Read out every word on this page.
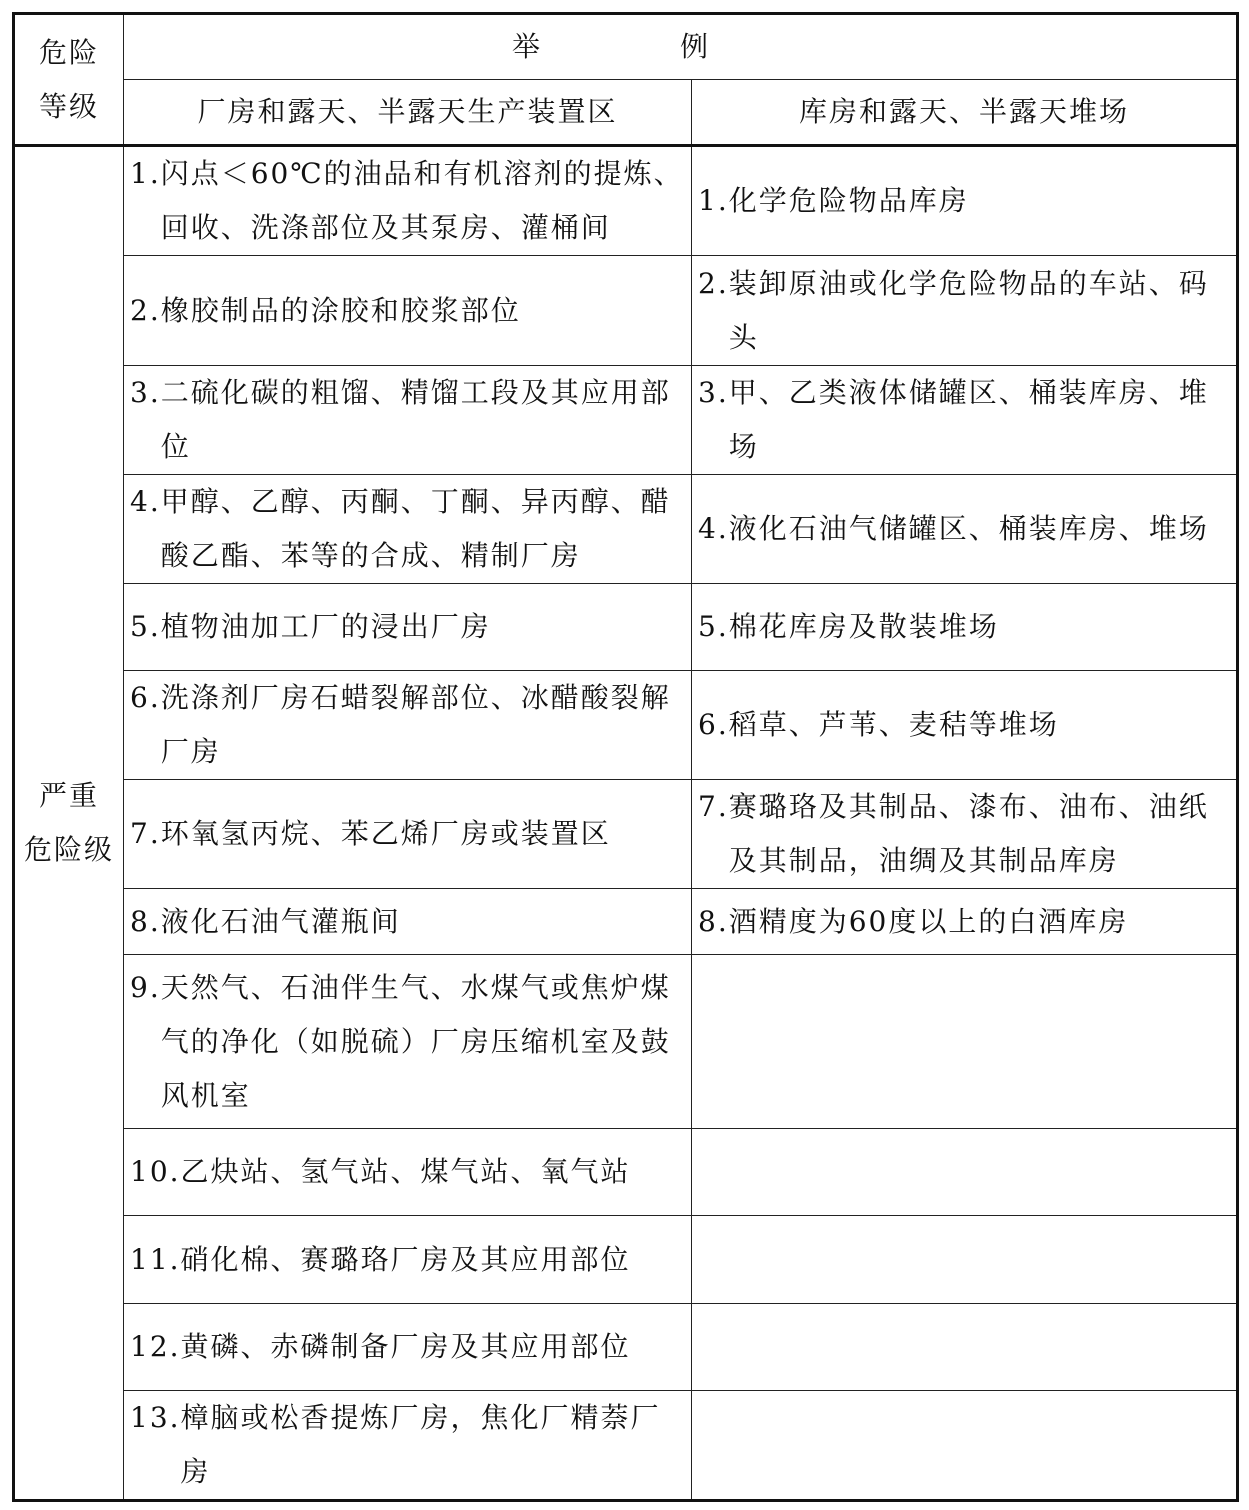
危险
等级	举例	
	厂房和露天、半露天生产装置区	库房和露天、半露天堆场

严重
危险级	1. 闪点＜60℃的油品和有机溶剂的提炼、回收、洗涤部位及其泵房、灌桶间	1. 化学危险物品库房

	2. 橡胶制品的涂胶和胶浆部位	2. 装卸原油或化学危险物品的车站、码头

	3. 二硫化碳的粗馏、精馏工段及其应用部位	3. 甲、乙类液体储罐区、桶装库房、堆场

	4. 甲醇、乙醇、丙酮、丁酮、异丙醇、醋酸乙酯、苯等的合成、精制厂房	4. 液化石油气储罐区、桶装库房、堆场

	5. 植物油加工厂的浸出厂房	5. 棉花库房及散装堆场

	6. 洗涤剂厂房石蜡裂解部位、冰醋酸裂解厂房	6. 稻草、芦苇、麦秸等堆场

	7. 环氧氢丙烷、苯乙烯厂房或装置区	7. 赛璐珞及其制品、漆布、油布、油纸及其制品，油绸及其制品库房

	8. 液化石油气灌瓶间	8. 酒精度为60度以上的白酒库房

	9. 天然气、石油伴生气、水煤气或焦炉煤气的净化（如脱硫）厂房压缩机室及鼓风机室	

	10. 乙炔站、氢气站、煤气站、氧气站	

	11. 硝化棉、赛璐珞厂房及其应用部位	

	12. 黄磷、赤磷制备厂房及其应用部位	

	13. 樟脑或松香提炼厂房，焦化厂精萘厂房	
